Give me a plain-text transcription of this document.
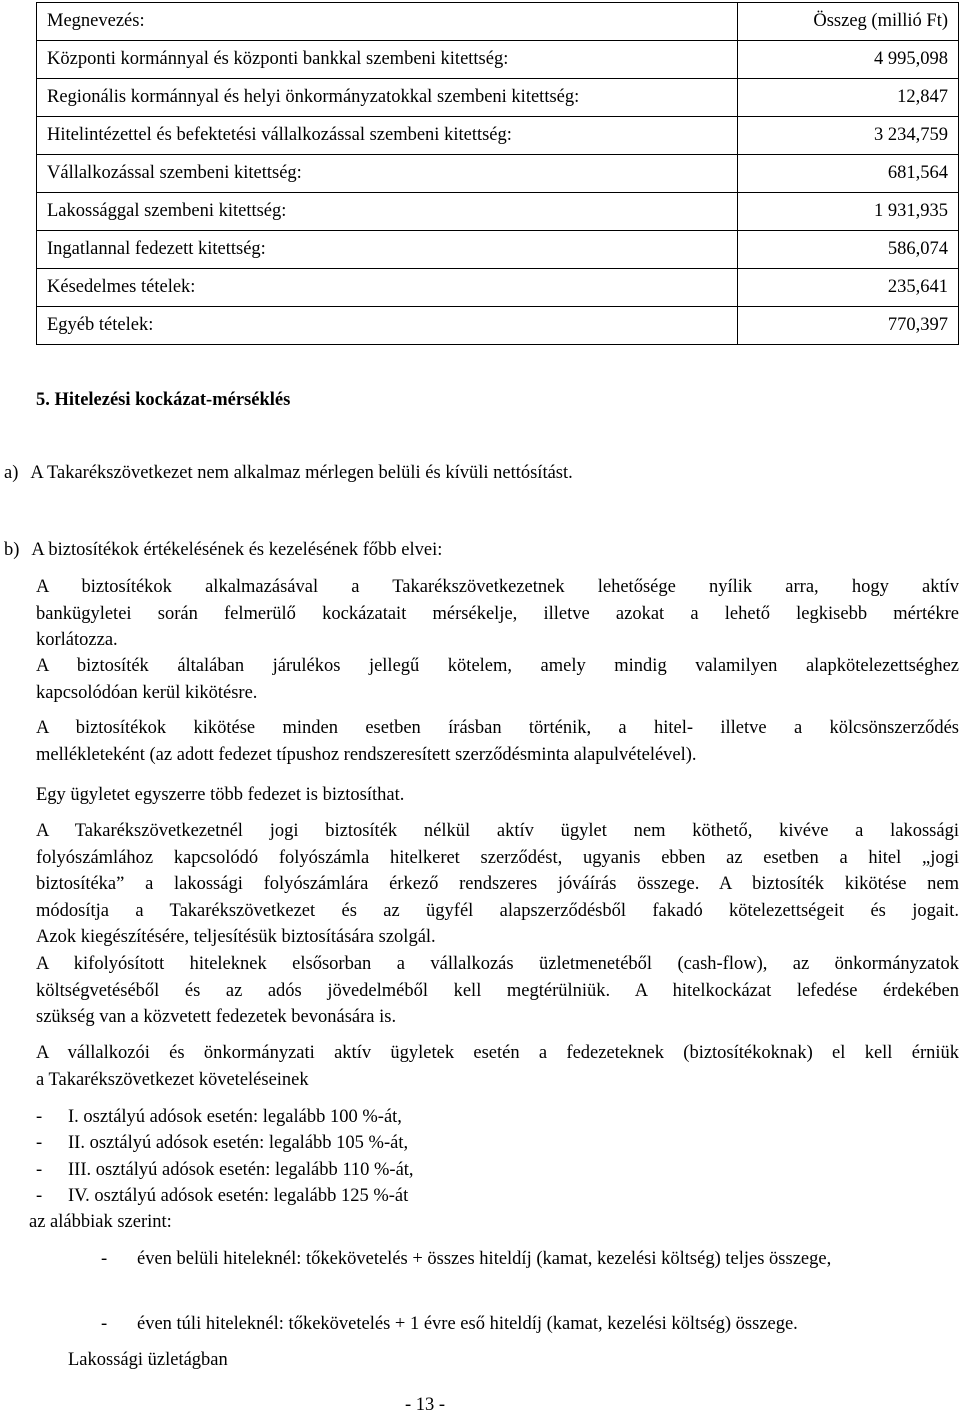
Megnevezés:	Összeg (millió Ft)
Központi kormánnyal és központi bankkal szembeni kitettség:	4 995,098
Regionális kormánnyal és helyi önkormányzatokkal szembeni kitettség:	12,847
Hitelintézettel és befektetési vállalkozással szembeni kitettség:	3 234,759
Vállalkozással szembeni kitettség:	681,564
Lakossággal szembeni kitettség:	1 931,935
Ingatlannal fedezett kitettség:	586,074
Késedelmes tételek:	235,641
Egyéb tételek:	770,397
5. Hitelezési kockázat-mérséklés
a) A Takarékszövetkezet nem alkalmaz mérlegen belüli és kívüli nettósítást.
b) A biztosítékok értékelésének és kezelésének főbb elvei:
A biztosítékok alkalmazásával a Takarékszövetkezetnek lehetősége nyílik arra, hogy aktív
bankügyletei során felmerülő kockázatait mérsékelje, illetve azokat a lehető legkisebb mértékre
korlátozza.
A biztosíték általában járulékos jellegű kötelem, amely mindig valamilyen alapkötelezettséghez
kapcsolódóan kerül kikötésre.
A biztosítékok kikötése minden esetben írásban történik, a hitel- illetve a kölcsönszerződés
mellékleteként (az adott fedezet típushoz rendszeresített szerződésminta alapulvételével).
Egy ügyletet egyszerre több fedezet is biztosíthat.
A Takarékszövetkezetnél jogi biztosíték nélkül aktív ügylet nem köthető, kivéve a lakossági
folyószámlához kapcsolódó folyószámla hitelkeret szerződést, ugyanis ebben az esetben a hitel „jogi
biztosítéka” a lakossági folyószámlára érkező rendszeres jóváírás összege. A biztosíték kikötése nem
módosítja a Takarékszövetkezet és az ügyfél alapszerződésből fakadó kötelezettségeit és jogait.
Azok kiegészítésére, teljesítésük biztosítására szolgál.
A kifolyósított hiteleknek elsősorban a vállalkozás üzletmenetéből (cash-flow), az önkormányzatok
költségvetéséből és az adós jövedelméből kell megtérülniük. A hitelkockázat lefedése érdekében
szükség van a közvetett fedezetek bevonására is.
A vállalkozói és önkormányzati aktív ügyletek esetén a fedezeteknek (biztosítékoknak) el kell érniük
a Takarékszövetkezet követeléseinek
-	I. osztályú adósok esetén: legalább 100 %-át,
-	II. osztályú adósok esetén: legalább 105 %-át,
-	III. osztályú adósok esetén: legalább 110 %-át,
-	IV. osztályú adósok esetén: legalább 125 %-át
az alábbiak szerint:
- éven belüli hiteleknél: tőkekövetelés + összes hiteldíj (kamat, kezelési költség) teljes összege,
- éven túli hiteleknél: tőkekövetelés + 1 évre eső hiteldíj (kamat, kezelési költség) összege.
Lakossági üzletágban
- 13 -
